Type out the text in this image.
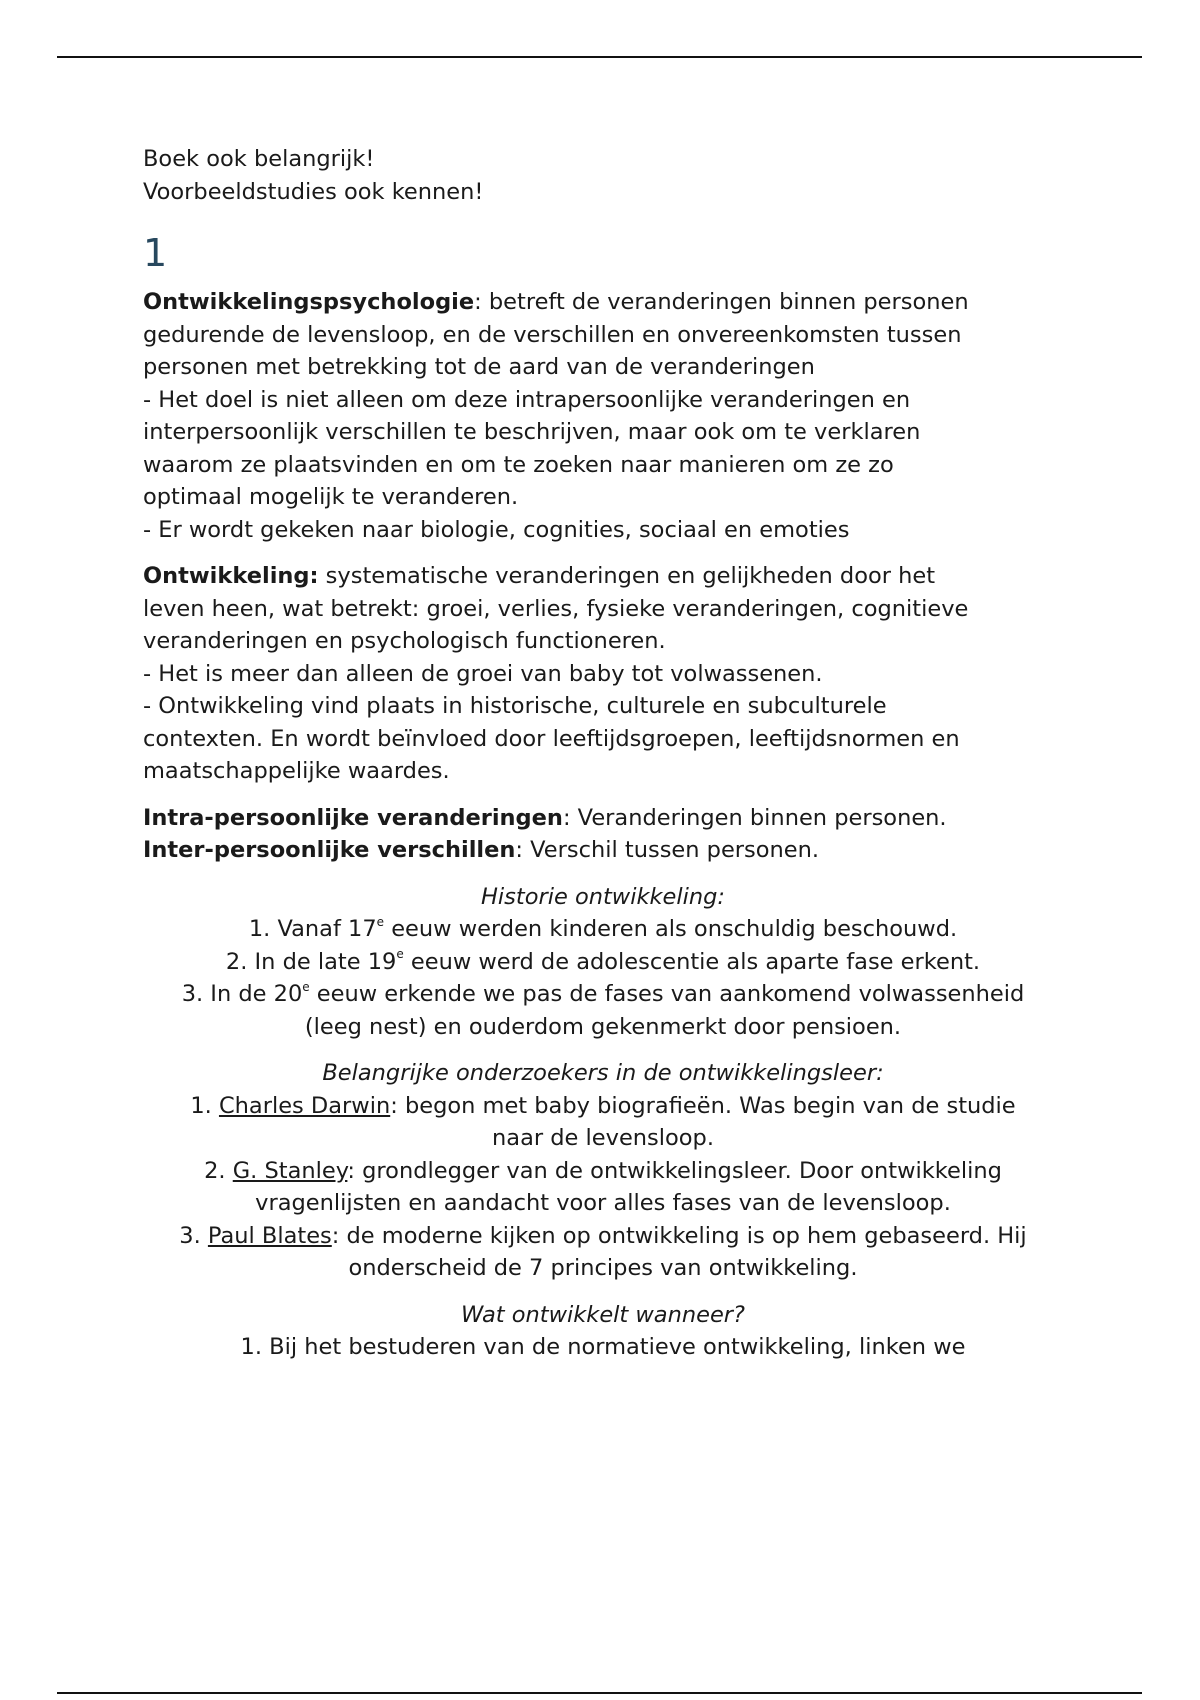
Boek ook belangrijk!
Voorbeeldstudies ook kennen!
1
Ontwikkelingspsychologie: betreft de veranderingen binnen personen
gedurende de levensloop, en de verschillen en onvereenkomsten tussen
personen met betrekking tot de aard van de veranderingen
- Het doel is niet alleen om deze intrapersoonlijke veranderingen en
interpersoonlijk verschillen te beschrijven, maar ook om te verklaren
waarom ze plaatsvinden en om te zoeken naar manieren om ze zo
optimaal mogelijk te veranderen.
- Er wordt gekeken naar biologie, cognities, sociaal en emoties
Ontwikkeling: systematische veranderingen en gelijkheden door het
leven heen, wat betrekt: groei, verlies, fysieke veranderingen, cognitieve
veranderingen en psychologisch functioneren.
- Het is meer dan alleen de groei van baby tot volwassenen.
- Ontwikkeling vind plaats in historische, culturele en subculturele
contexten. En wordt beïnvloed door leeftijdsgroepen, leeftijdsnormen en
maatschappelijke waardes.
Intra-persoonlijke veranderingen: Veranderingen binnen personen.
Inter-persoonlijke verschillen: Verschil tussen personen.
Historie ontwikkeling:
1. Vanaf 17e eeuw werden kinderen als onschuldig beschouwd.
2. In de late 19e eeuw werd de adolescentie als aparte fase erkent.
3. In de 20e eeuw erkende we pas de fases van aankomend volwassenheid
(leeg nest) en ouderdom gekenmerkt door pensioen.
Belangrijke onderzoekers in de ontwikkelingsleer:
1. Charles Darwin: begon met baby biografieën. Was begin van de studie
naar de levensloop.
2. G. Stanley: grondlegger van de ontwikkelingsleer. Door ontwikkeling
vragenlijsten en aandacht voor alles fases van de levensloop.
3. Paul Blates: de moderne kijken op ontwikkeling is op hem gebaseerd. Hij
onderscheid de 7 principes van ontwikkeling.
Wat ontwikkelt wanneer?
1. Bij het bestuderen van de normatieve ontwikkeling, linken we
